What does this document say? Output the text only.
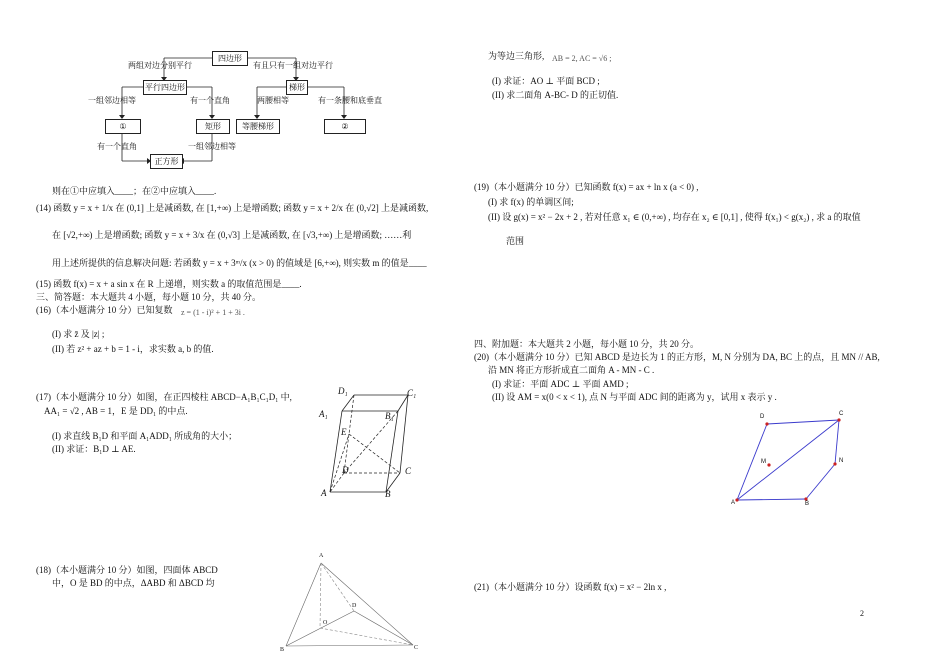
四边形
平行四边形	梯形
①	矩形	等腰梯形	②
正方形
两组对边分别平行	有且只有一组对边平行
一组邻边相等	有一个直角	两腰相等	有一条腰和底垂直
有一个直角	一组邻边相等
则在①中应填入____；在②中应填入____.
(14) 函数 y = x + 1/x 在 (0,1] 上是减函数, 在 [1,+∞) 上是增函数; 函数 y = x + 2/x 在 (0,√2] 上是减函数,
在 [√2,+∞) 上是增函数; 函数 y = x + 3/x 在 (0,√3] 上是减函数, 在 [√3,+∞) 上是增函数; ……利
用上述所提供的信息解决问题: 若函数 y = x + 3ᵐ/x (x > 0) 的值域是 [6,+∞), 则实数 m 的值是____
(15) 函数 f(x) = x + a sin x 在 R 上递增，则实数 a 的取值范围是____.
三、简答题：本大题共 4 小题，每小题 10 分，共 40 分。
(16)（本小题满分 10 分）已知复数 z = (1 - i)² + 1 + 3i .
(I) 求 z̄ 及 |z| ;
(II) 若 z² + az + b = 1 - i，求实数 a, b 的值.
(17)（本小题满分 10 分）如图，在正四棱柱 ABCD−A₁B₁C₁D₁ 中,
AA₁ = √2 , AB = 1，E 是 DD₁ 的中点.
(I) 求直线 B₁D 和平面 A₁ADD₁ 所成角的大小；
(II) 求证：B₁D ⊥ AE.
(18)（本小题满分 10 分）如图，四面体 ABCD
中，O 是 BD 的中点，ΔABD 和 ΔBCD 均
D₁	C₁
A₁	B₁
E
D	C
A	B
A
B	C
D
O
为等边三角形, AB = 2, AC = √6 ;
(I) 求证：AO ⊥ 平面 BCD ;
(II) 求二面角 A-BC- D 的正切值.
(19)（本小题满分 10 分）已知函数 f(x) = ax + ln x (a < 0) ,
(I) 求 f(x) 的单调区间;
(II) 设 g(x) = x² − 2x + 2 , 若对任意 x₁ ∈ (0,+∞) , 均存在 x₂ ∈ [0,1] , 使得 f(x₁) < g(x₂) , 求 a 的取值
范围
四、附加题：本大题共 2 小题，每小题 10 分，共 20 分。
(20)（本小题满分 10 分）已知 ABCD 是边长为 1 的正方形，M, N 分别为 DA, BC 上的点，且 MN // AB,
沿 MN 将正方形折成直二面角 A - MN - C .
(I) 求证：平面 ADC ⊥ 平面 AMD ;
(II) 设 AM = x(0 < x < 1), 点 N 与平面 ADC 间的距离为 y，试用 x 表示 y .
(21)（本小题满分 10 分）设函数 f(x) = x² − 2ln x ,
2
D	C
M	N
A	B
